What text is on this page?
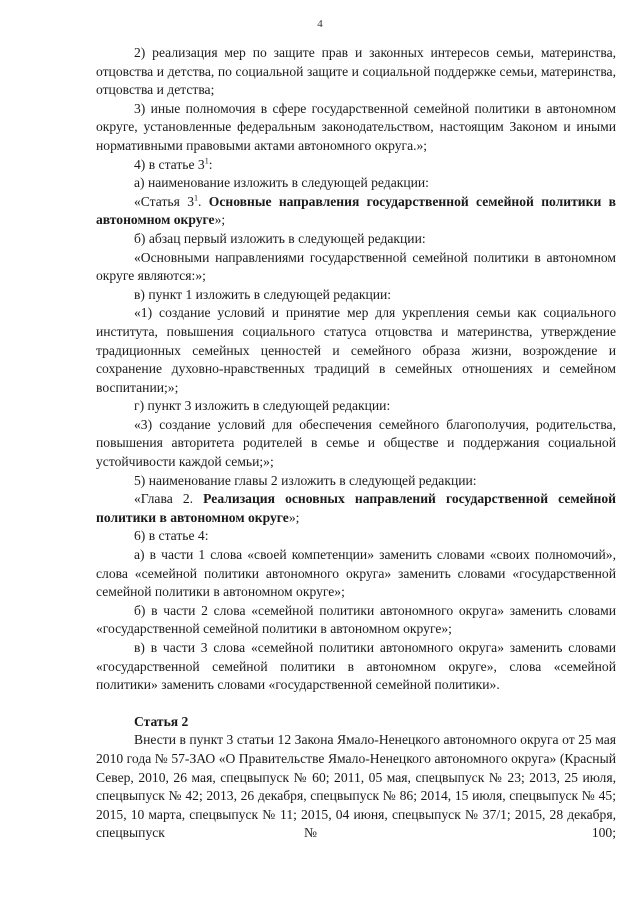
4

2) реализация мер по защите прав и законных интересов семьи, материнства, отцовства и детства, по социальной защите и социальной поддержке семьи, материнства, отцовства и детства;

3) иные полномочия в сфере государственной семейной политики в автономном округе, установленные федеральным законодательством, настоящим Законом и иными нормативными правовыми актами автономного округа.»;

4) в статье $3^1$:

а) наименование изложить в следующей редакции:

«Статья $3^1$. Основные направления государственной семейной политики в автономном округе»;

б) абзац первый изложить в следующей редакции:

«Основными направлениями государственной семейной политики в автономном округе являются:»;

в) пункт 1 изложить в следующей редакции:

«1) создание условий и принятие мер для укрепления семьи как социального института, повышения социального статуса отцовства и материнства, утверждение традиционных семейных ценностей и семейного образа жизни, возрождение и сохранение духовно-нравственных традиций в семейных отношениях и семейном воспитании;»;

г) пункт 3 изложить в следующей редакции:

«3) создание условий для обеспечения семейного благополучия, родительства, повышения авторитета родителей в семье и обществе и поддержания социальной устойчивости каждой семьи;»;

5) наименование главы 2 изложить в следующей редакции:

«Глава 2. Реализация основных направлений государственной семейной политики в автономном округе»;

6) в статье 4:

а) в части 1 слова «своей компетенции» заменить словами «своих полномочий», слова «семейной политики автономного округа» заменить словами «государственной семейной политики в автономном округе»;

б) в части 2 слова «семейной политики автономного округа» заменить словами «государственной семейной политики в автономном округе»;

в) в части 3 слова «семейной политики автономного округа» заменить словами «государственной семейной политики в автономном округе», слова «семейной политики» заменить словами «государственной семейной политики».

Статья 2

Внести в пункт 3 статьи 12 Закона Ямало-Ненецкого автономного округа от 25 мая 2010 года № 57-ЗАО «О Правительстве Ямало-Ненецкого автономного округа» (Красный Север, 2010, 26 мая, спецвыпуск № 60; 2011, 05 мая, спецвыпуск № 23; 2013, 25 июля, спецвыпуск № 42; 2013, 26 декабря, спецвыпуск № 86; 2014, 15 июля, спецвыпуск № 45; 2015, 10 марта, спецвыпуск № 11; 2015, 04 июня, спецвыпуск № 37/1; 2015, 28 декабря, спецвыпуск № 100;
